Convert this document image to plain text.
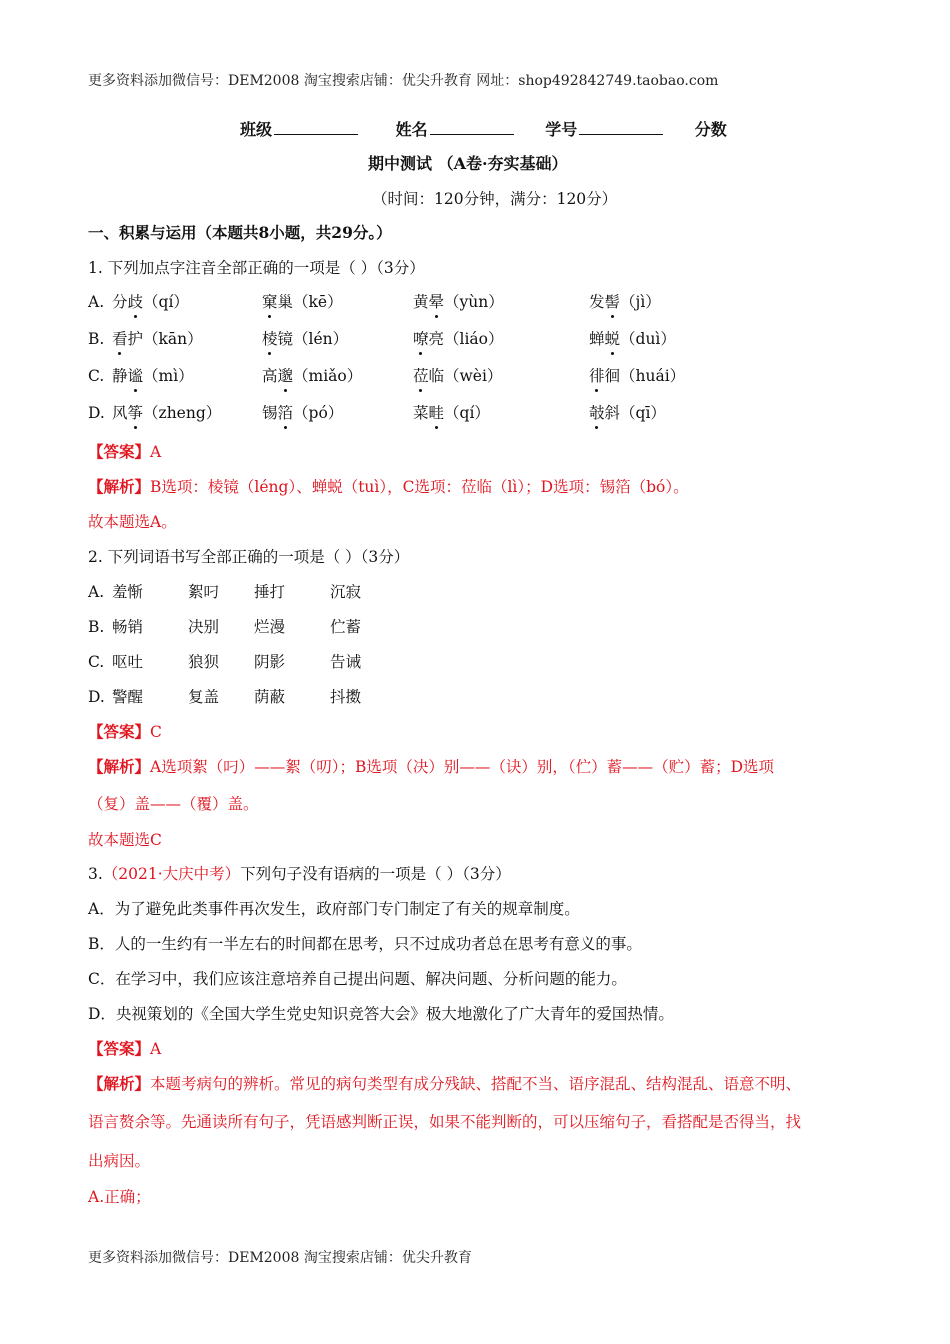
更多资料添加微信号：DEM2008 淘宝搜索店铺：优尖升教育 网址：shop492842749.taobao.com
班级	姓名	学号	分数
期中测试 （A卷·夯实基础）
（时间：120分钟，满分：120分）
一、积累与运用（本题共8小题，共29分。）
1. 下列加点字注音全部正确的一项是（ ）（3分）
A. 分歧（qí）	窠巢（kē）	黄晕（yùn）	发髻（jì）
B. 看护（kān）	棱镜（lén）	嘹亮（liáo）	蝉蜕（duì）
C. 静谧（mì）	高邈（miǎo）	莅临（wèi）	徘徊（huái）
D. 风筝（zheng）	锡箔（pó）	菜畦（qí）	攲斜（qī）
【答案】A
【解析】B选项：棱镜（léng）、蝉蜕（tuì），C选项：莅临（lì）；D选项：锡箔（bó）。
故本题选A。
2. 下列词语书写全部正确的一项是（ ）（3分）
A. 羞惭	絮叼 捶打	沉寂
B. 畅销	决别 烂漫	伫蓄
C. 呕吐	狼狈 阴影	告诫
D. 警醒	复盖 荫蔽	抖擞
【答案】C
【解析】A选项絮（叼）——絮（叨）；B选项（决）别——（诀）别，（伫）蓄——（贮）蓄；D选项
（复）盖——（覆）盖。
故本题选C
3.（2021·大庆中考）下列句子没有语病的一项是（ ）（3分）
A．为了避免此类事件再次发生，政府部门专门制定了有关的规章制度。
B．人的一生约有一半左右的时间都在思考，只不过成功者总在思考有意义的事。
C．在学习中，我们应该注意培养自己提出问题、解决问题、分析问题的能力。
D．央视策划的《全国大学生党史知识竞答大会》极大地激化了广大青年的爱国热情。
【答案】A
【解析】本题考病句的辨析。常见的病句类型有成分残缺、搭配不当、语序混乱、结构混乱、语意不明、
语言赘余等。先通读所有句子，凭语感判断正误，如果不能判断的，可以压缩句子，看搭配是否得当，找
出病因。
A.正确；
更多资料添加微信号：DEM2008 淘宝搜索店铺：优尖升教育
